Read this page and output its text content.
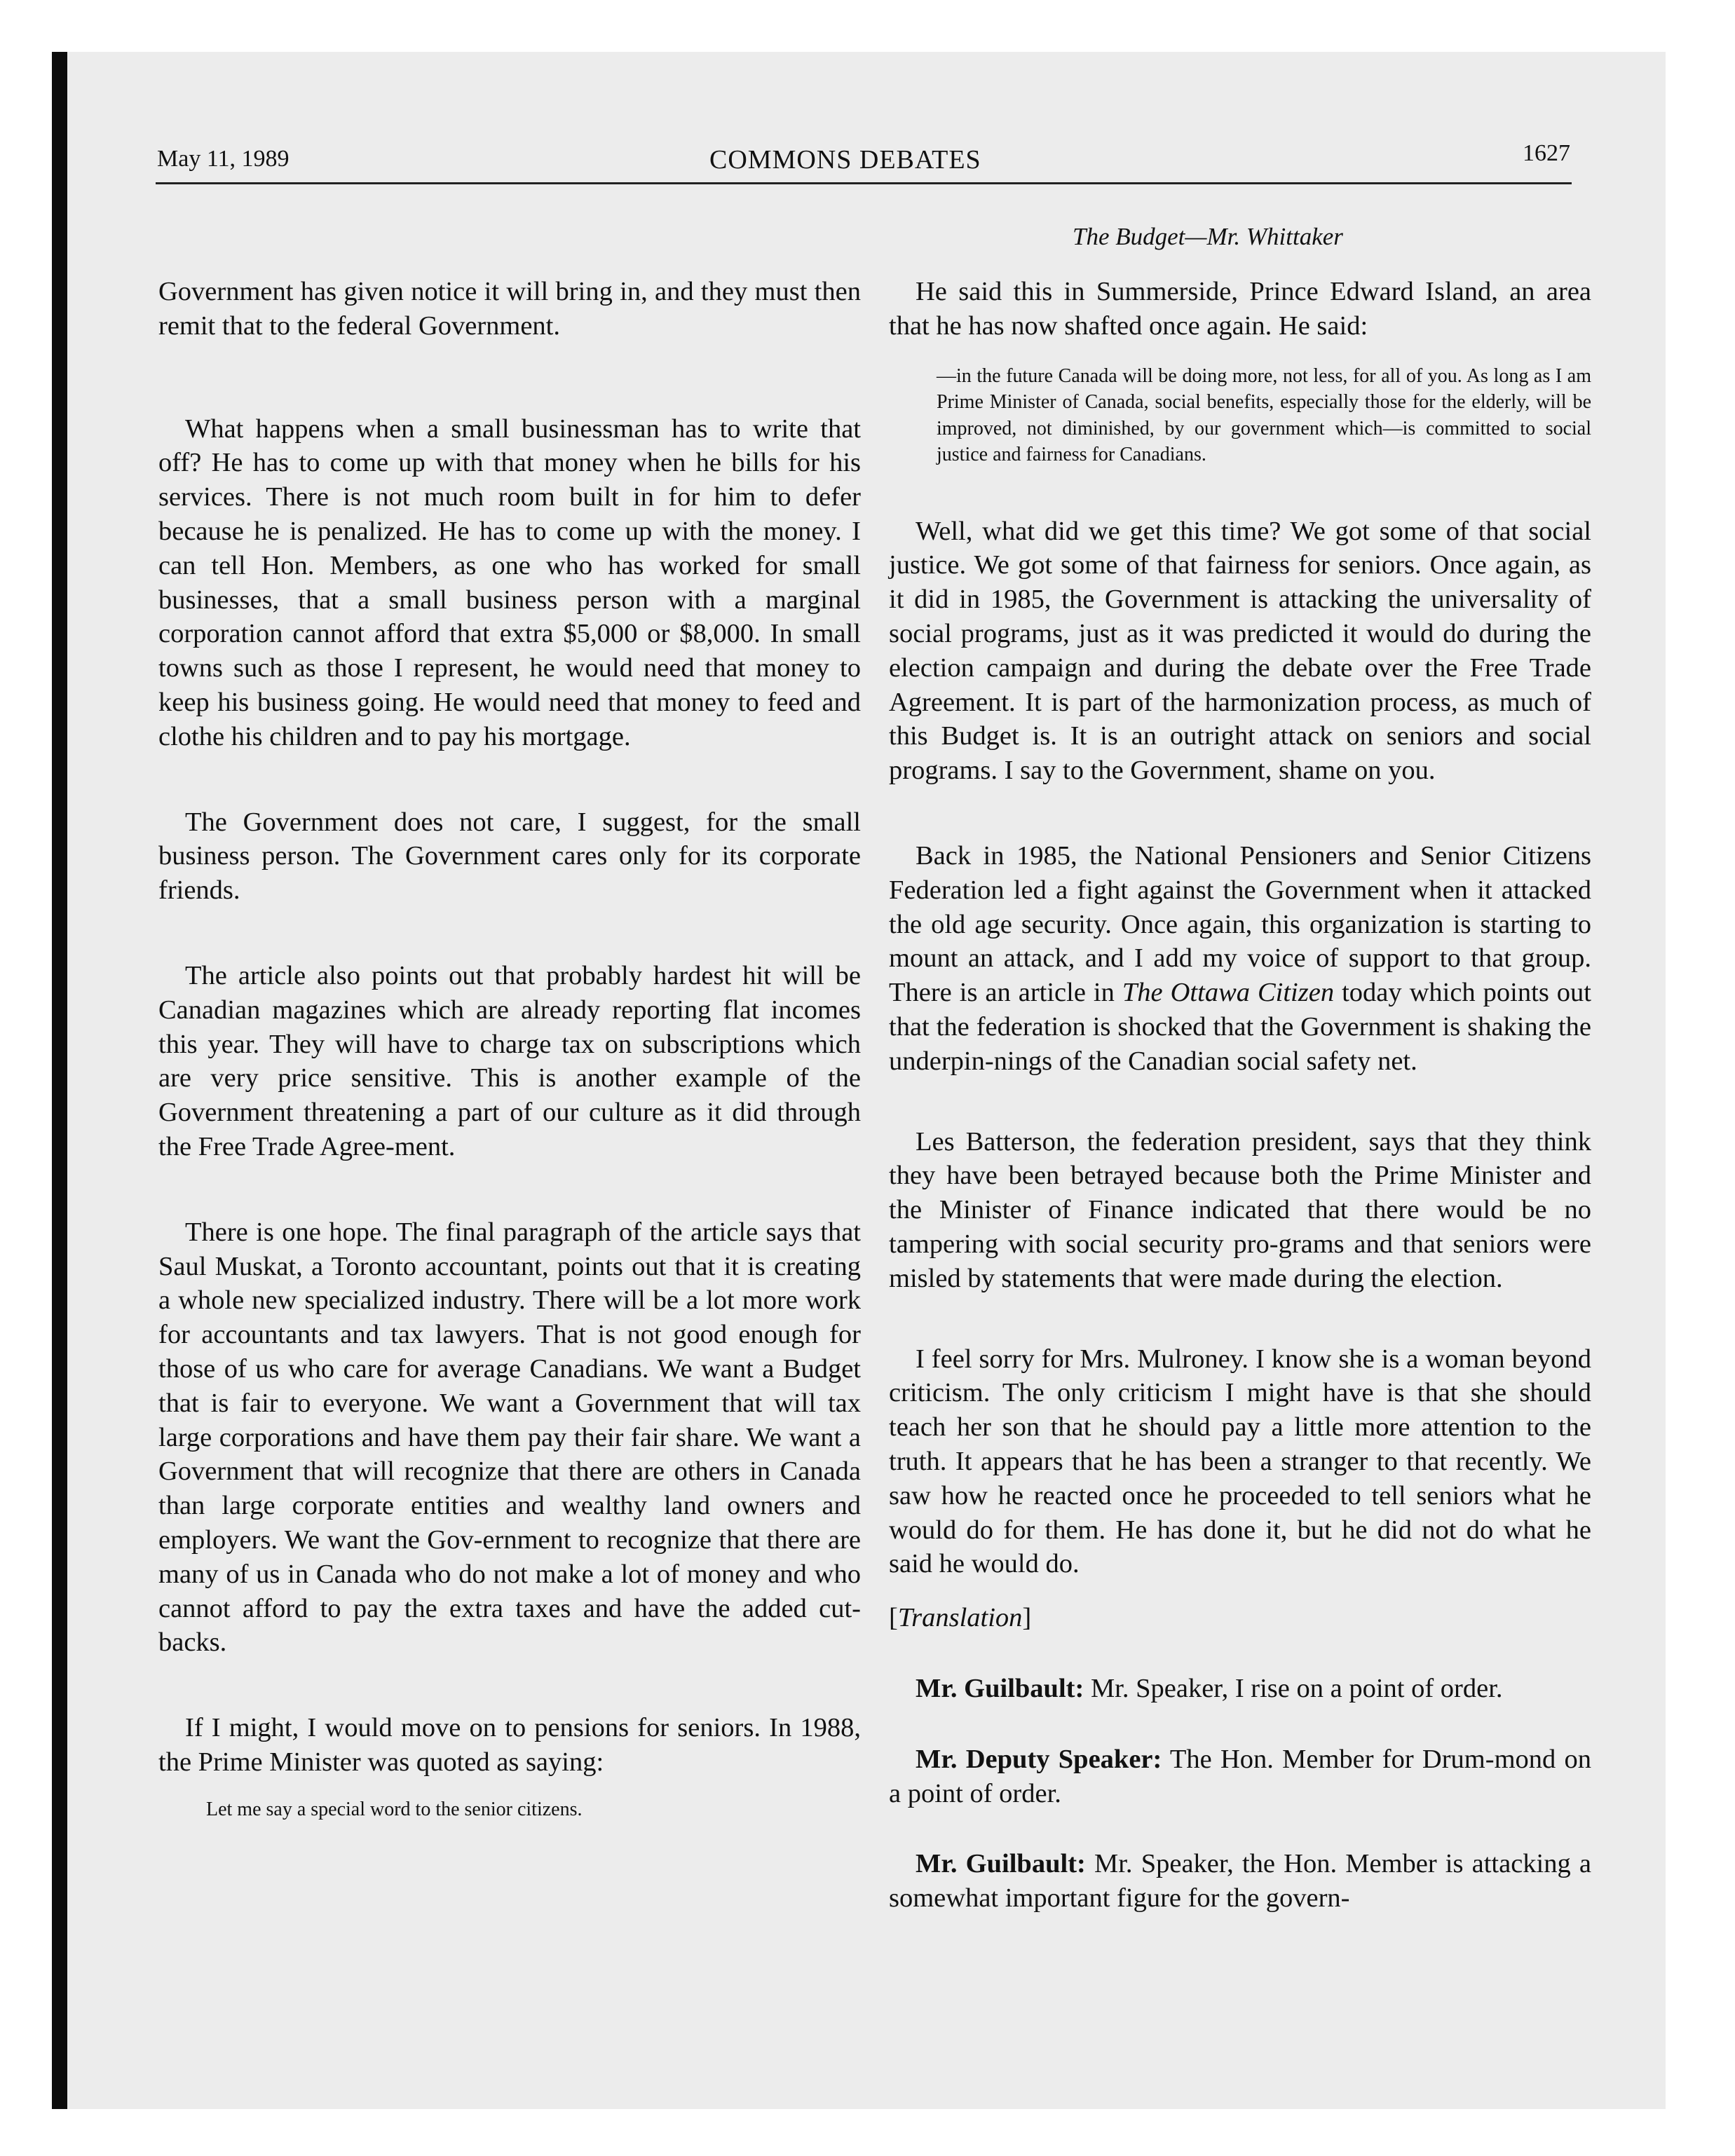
May 11, 1989	COMMONS DEBATES	1627
The Budget—Mr. Whittaker

Government has given notice it will bring in, and they must then remit that to the federal Government.

What happens when a small businessman has to write that off? He has to come up with that money when he bills for his services. There is not much room built in for him to defer because he is penalized. He has to come up with the money. I can tell Hon. Members, as one who has worked for small businesses, that a small business person with a marginal corporation cannot afford that extra $5,000 or $8,000. In small towns such as those I represent, he would need that money to keep his business going. He would need that money to feed and clothe his children and to pay his mortgage.

The Government does not care, I suggest, for the small business person. The Government cares only for its corporate friends.

The article also points out that probably hardest hit will be Canadian magazines which are already reporting flat incomes this year. They will have to charge tax on subscriptions which are very price sensitive. This is another example of the Government threatening a part of our culture as it did through the Free Trade Agree-ment.

There is one hope. The final paragraph of the article says that Saul Muskat, a Toronto accountant, points out that it is creating a whole new specialized industry. There will be a lot more work for accountants and tax lawyers. That is not good enough for those of us who care for average Canadians. We want a Budget that is fair to everyone. We want a Government that will tax large corporations and have them pay their fair share. We want a Government that will recognize that there are others in Canada than large corporate entities and wealthy land owners and employers. We want the Gov-ernment to recognize that there are many of us in Canada who do not make a lot of money and who cannot afford to pay the extra taxes and have the added cut-backs.

If I might, I would move on to pensions for seniors. In 1988, the Prime Minister was quoted as saying:

Let me say a special word to the senior citizens.

He said this in Summerside, Prince Edward Island, an area that he has now shafted once again. He said:

—in the future Canada will be doing more, not less, for all of you. As long as I am Prime Minister of Canada, social benefits, especially those for the elderly, will be improved, not diminished, by our government which—is committed to social justice and fairness for Canadians.

Well, what did we get this time? We got some of that social justice. We got some of that fairness for seniors. Once again, as it did in 1985, the Government is attacking the universality of social programs, just as it was predicted it would do during the election campaign and during the debate over the Free Trade Agreement. It is part of the harmonization process, as much of this Budget is. It is an outright attack on seniors and social programs. I say to the Government, shame on you.

Back in 1985, the National Pensioners and Senior Citizens Federation led a fight against the Government when it attacked the old age security. Once again, this organization is starting to mount an attack, and I add my voice of support to that group. There is an article in The Ottawa Citizen today which points out that the federation is shocked that the Government is shaking the underpin-nings of the Canadian social safety net.

Les Batterson, the federation president, says that they think they have been betrayed because both the Prime Minister and the Minister of Finance indicated that there would be no tampering with social security pro-grams and that seniors were misled by statements that were made during the election.

I feel sorry for Mrs. Mulroney. I know she is a woman beyond criticism. The only criticism I might have is that she should teach her son that he should pay a little more attention to the truth. It appears that he has been a stranger to that recently. We saw how he reacted once he proceeded to tell seniors what he would do for them. He has done it, but he did not do what he said he would do.

[Translation]

Mr. Guilbault: Mr. Speaker, I rise on a point of order.

Mr. Deputy Speaker: The Hon. Member for Drum-mond on a point of order.

Mr. Guilbault: Mr. Speaker, the Hon. Member is attacking a somewhat important figure for the govern-
